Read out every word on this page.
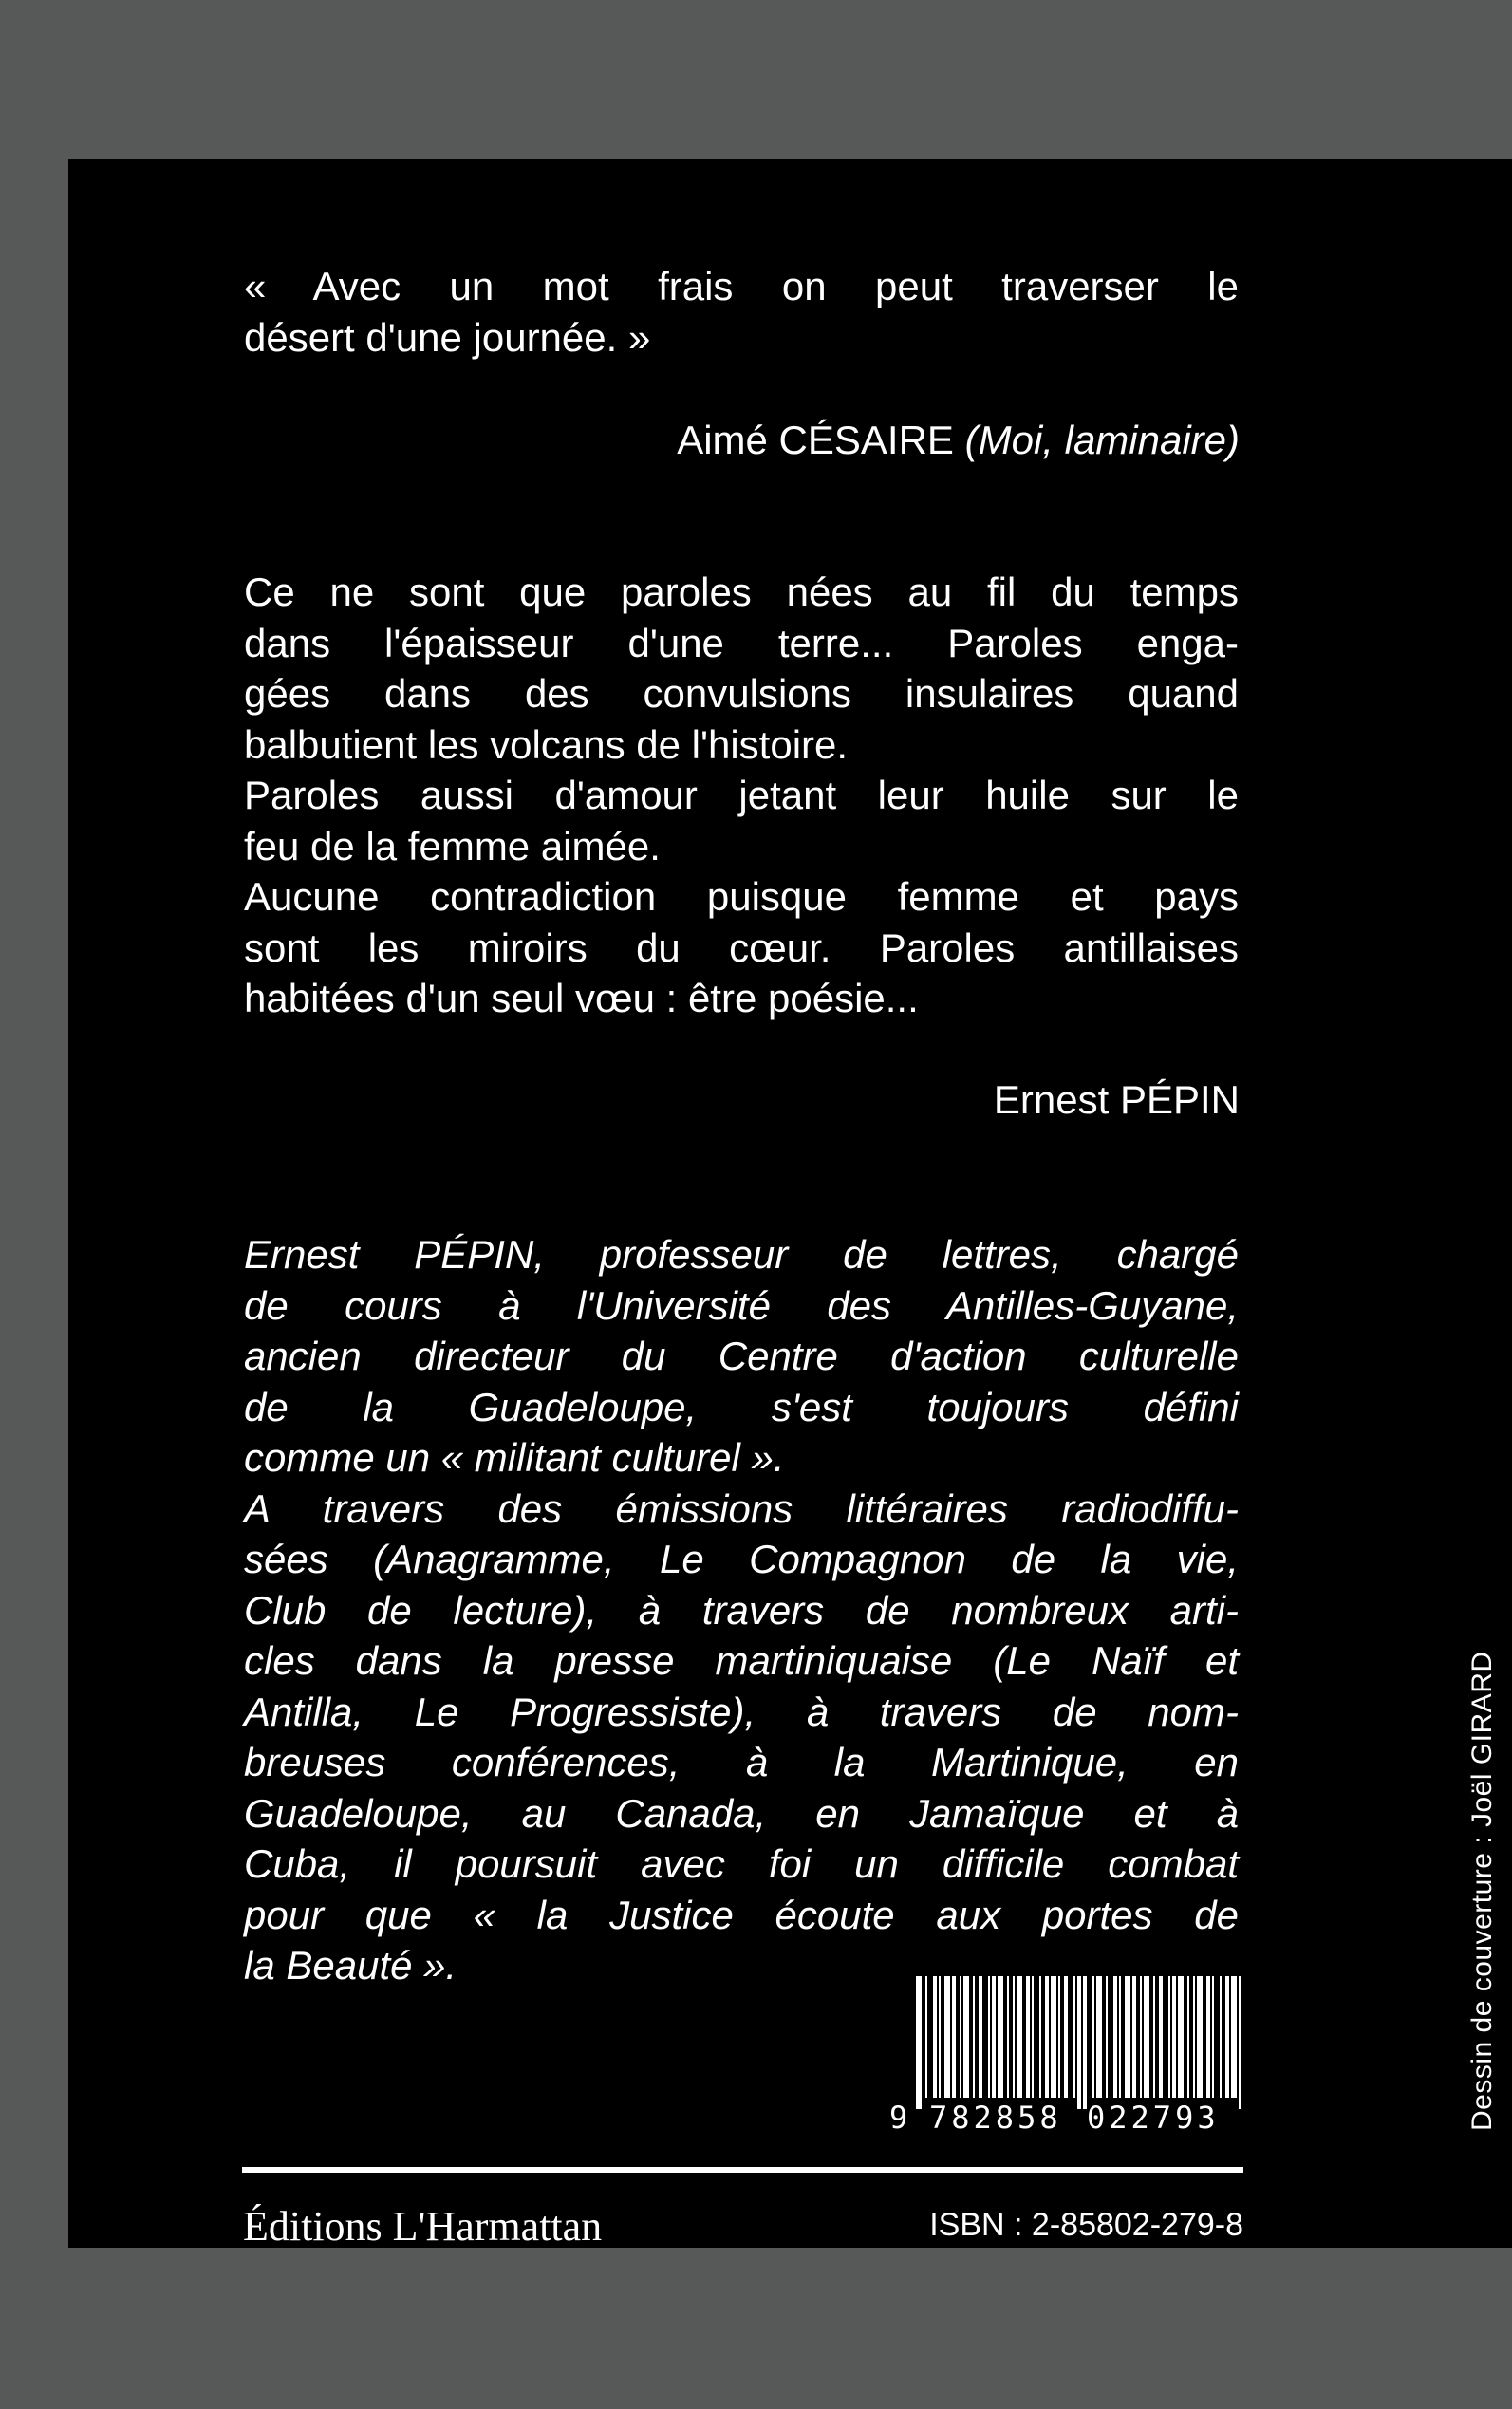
« Avec un mot frais on peut traverser le
désert d'une journée. »
Aimé CÉSAIRE (Moi, laminaire)
Ce ne sont que paroles nées au fil du temps
dans l'épaisseur d'une terre... Paroles enga-
gées dans des convulsions insulaires quand
balbutient les volcans de l'histoire.
Paroles aussi d'amour jetant leur huile sur le
feu de la femme aimée.
Aucune contradiction puisque femme et pays
sont les miroirs du cœur. Paroles antillaises
habitées d'un seul vœu : être poésie...
Ernest PÉPIN
Ernest PÉPIN, professeur de lettres, chargé
de cours à l'Université des Antilles-Guyane,
ancien directeur du Centre d'action culturelle
de la Guadeloupe, s'est toujours défini
comme un « militant culturel ».
A travers des émissions littéraires radiodiffu-
sées (Anagramme, Le Compagnon de la vie,
Club de lecture), à travers de nombreux arti-
cles dans la presse martiniquaise (Le Naïf et
Antilla, Le Progressiste), à travers de nom-
breuses conférences, à la Martinique, en
Guadeloupe, au Canada, en Jamaïque et à
Cuba, il poursuit avec foi un difficile combat
pour que « la Justice écoute aux portes de
la Beauté ».	Dessin de couverture : Joël GIRARD
9 782858 022793
Éditions L'Harmattan	ISBN : 2-85802-279-8
